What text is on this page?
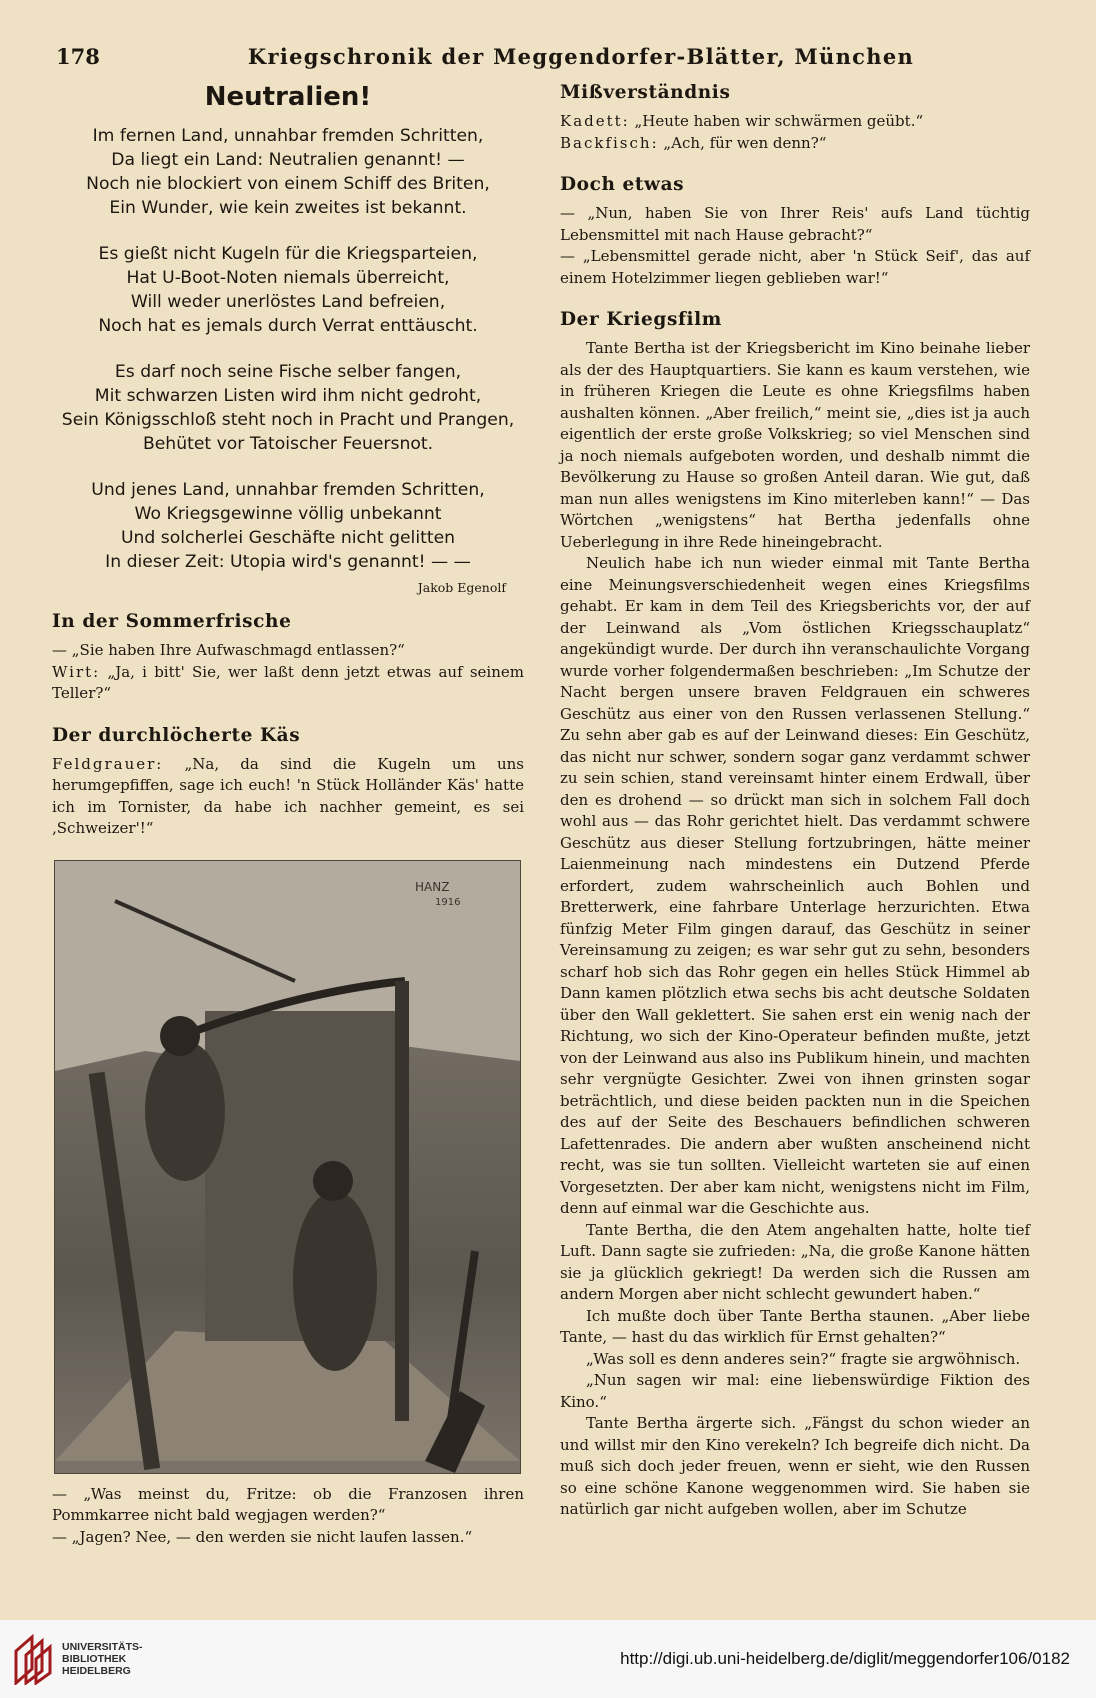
178	Kriegschronik der Meggendorfer-Blätter, München
Neutralien!
Im fernen Land, unnahbar fremden Schritten,
Da liegt ein Land: Neutralien genannt! —
Noch nie blockiert von einem Schiff des Briten,
Ein Wunder, wie kein zweites ist bekannt.
Es gießt nicht Kugeln für die Kriegsparteien,
Hat U-Boot-Noten niemals überreicht,
Will weder unerlöstes Land befreien,
Noch hat es jemals durch Verrat enttäuscht.
Es darf noch seine Fische selber fangen,
Mit schwarzen Listen wird ihm nicht gedroht,
Sein Königsschloß steht noch in Pracht und Prangen,
Behütet vor Tatoischer Feuersnot.
Und jenes Land, unnahbar fremden Schritten,
Wo Kriegsgewinne völlig unbekannt
Und solcherlei Geschäfte nicht gelitten
In dieser Zeit: Utopia wird's genannt! — —
Jakob Egenolf
In der Sommerfrische

— „Sie haben Ihre Aufwaschmagd entlassen?“

Wirt: „Ja, i bitt' Sie, wer laßt denn jetzt etwas auf seinem Teller?“

Der durchlöcherte Käs

Feldgrauer: „Na, da sind die Kugeln um uns herumgepfiffen, sage ich euch! 'n Stück Holländer Käs' hatte ich im Tornister, da habe ich nachher gemeint, es sei ‚Schweizer'!“

HANZ
1916

— „Was meinst du, Fritze: ob die Franzosen ihren Pommkarree nicht bald wegjagen werden?“

— „Jagen? Nee, — den werden sie nicht laufen lassen.“

Mißverständnis

Kadett: „Heute haben wir schwärmen geübt.“

Backfisch: „Ach, für wen denn?“

Doch etwas

— „Nun, haben Sie von Ihrer Reis' aufs Land tüchtig Lebensmittel mit nach Hause gebracht?“

— „Lebensmittel gerade nicht, aber 'n Stück Seif', das auf einem Hotelzimmer liegen geblieben war!“

Der Kriegsfilm

Tante Bertha ist der Kriegsbericht im Kino beinahe lieber als der des Hauptquartiers. Sie kann es kaum verstehen, wie in früheren Kriegen die Leute es ohne Kriegsfilms haben aushalten können. „Aber freilich,“ meint sie, „dies ist ja auch eigentlich der erste große Volkskrieg; so viel Menschen sind ja noch niemals aufgeboten worden, und deshalb nimmt die Bevölkerung zu Hause so großen Anteil daran. Wie gut, daß man nun alles wenigstens im Kino miterleben kann!“ — Das Wörtchen „wenigstens“ hat Bertha jedenfalls ohne Ueberlegung in ihre Rede hineingebracht.

Neulich habe ich nun wieder einmal mit Tante Bertha eine Meinungsverschiedenheit wegen eines Kriegsfilms gehabt. Er kam in dem Teil des Kriegsberichts vor, der auf der Leinwand als „Vom östlichen Kriegsschauplatz“ angekündigt wurde. Der durch ihn veranschaulichte Vorgang wurde vorher folgendermaßen beschrieben: „Im Schutze der Nacht bergen unsere braven Feldgrauen ein schweres Geschütz aus einer von den Russen verlassenen Stellung.“ Zu sehn aber gab es auf der Leinwand dieses: Ein Geschütz, das nicht nur schwer, sondern sogar ganz verdammt schwer zu sein schien, stand vereinsamt hinter einem Erdwall, über den es drohend — so drückt man sich in solchem Fall doch wohl aus — das Rohr gerichtet hielt. Das verdammt schwere Geschütz aus dieser Stellung fortzubringen, hätte meiner Laienmeinung nach mindestens ein Dutzend Pferde erfordert, zudem wahrscheinlich auch Bohlen und Bretterwerk, eine fahrbare Unterlage herzurichten. Etwa fünfzig Meter Film gingen darauf, das Geschütz in seiner Vereinsamung zu zeigen; es war sehr gut zu sehn, besonders scharf hob sich das Rohr gegen ein helles Stück Himmel ab Dann kamen plötzlich etwa sechs bis acht deutsche Soldaten über den Wall geklettert. Sie sahen erst ein wenig nach der Richtung, wo sich der Kino-Operateur befinden mußte, jetzt von der Leinwand aus also ins Publikum hinein, und machten sehr vergnügte Gesichter. Zwei von ihnen grinsten sogar beträchtlich, und diese beiden packten nun in die Speichen des auf der Seite des Beschauers befindlichen schweren Lafettenrades. Die andern aber wußten anscheinend nicht recht, was sie tun sollten. Vielleicht warteten sie auf einen Vorgesetzten. Der aber kam nicht, wenigstens nicht im Film, denn auf einmal war die Geschichte aus.

Tante Bertha, die den Atem angehalten hatte, holte tief Luft. Dann sagte sie zufrieden: „Na, die große Kanone hätten sie ja glücklich gekriegt! Da werden sich die Russen am andern Morgen aber nicht schlecht gewundert haben.“

Ich mußte doch über Tante Bertha staunen. „Aber liebe Tante, — hast du das wirklich für Ernst gehalten?“

„Was soll es denn anderes sein?“ fragte sie argwöhnisch.

„Nun sagen wir mal: eine liebenswürdige Fiktion des Kino.“

Tante Bertha ärgerte sich. „Fängst du schon wieder an und willst mir den Kino verekeln? Ich begreife dich nicht. Da muß sich doch jeder freuen, wenn er sieht, wie den Russen so eine schöne Kanone weggenommen wird. Sie haben sie natürlich gar nicht aufgeben wollen, aber im Schutze

UNIVERSITÄTS-
BIBLIOTHEK
HEIDELBERG
http://digi.ub.uni-heidelberg.de/diglit/meggendorfer106/0182
